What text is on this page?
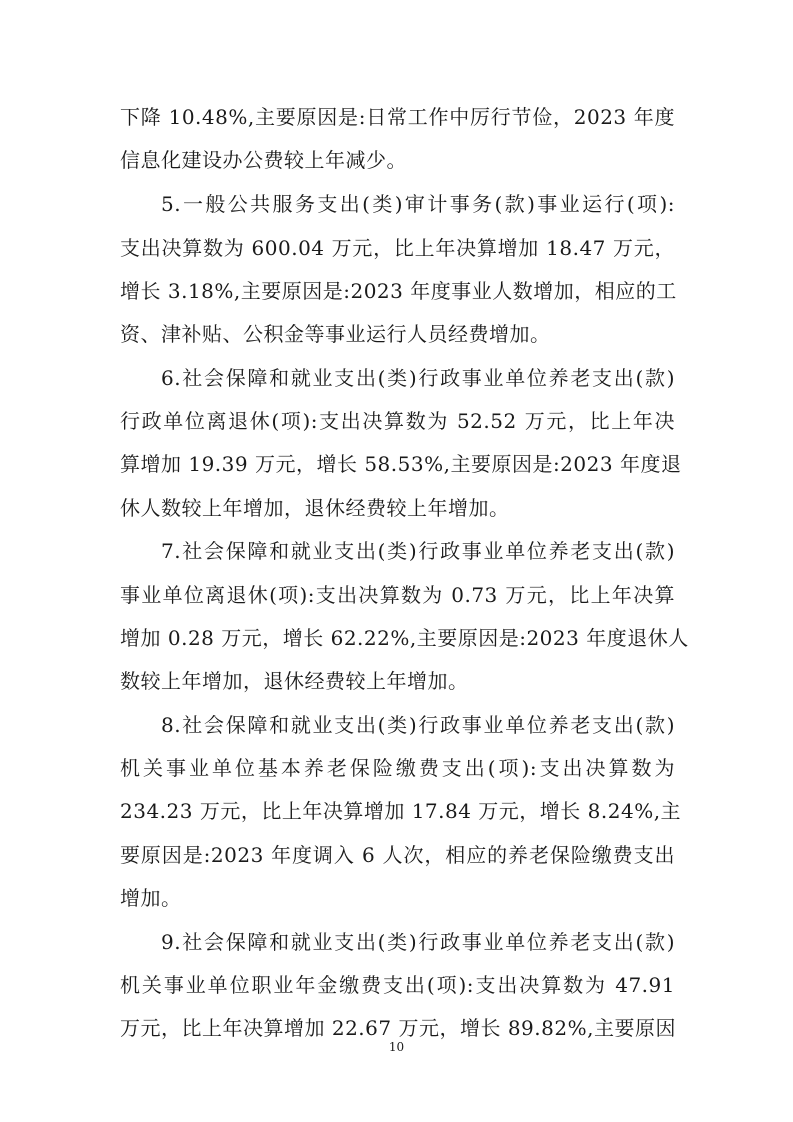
下降 10.48%,主要原因是:日常工作中厉行节俭，2023 年度
信息化建设办公费较上年减少。
5.一般公共服务支出(类)审计事务(款)事业运行(项):
支出决算数为 600.04 万元，比上年决算增加 18.47 万元，
增长 3.18%,主要原因是:2023 年度事业人数增加，相应的工
资、津补贴、公积金等事业运行人员经费增加。
6.社会保障和就业支出(类)行政事业单位养老支出(款)
行政单位离退休(项):支出决算数为 52.52 万元，比上年决
算增加 19.39 万元，增长 58.53%,主要原因是:2023 年度退
休人数较上年增加，退休经费较上年增加。
7.社会保障和就业支出(类)行政事业单位养老支出(款)
事业单位离退休(项):支出决算数为 0.73 万元，比上年决算
增加 0.28 万元，增长 62.22%,主要原因是:2023 年度退休人
数较上年增加，退休经费较上年增加。
8.社会保障和就业支出(类)行政事业单位养老支出(款)
机关事业单位基本养老保险缴费支出(项):支出决算数为
234.23 万元，比上年决算增加 17.84 万元，增长 8.24%,主
要原因是:2023 年度调入 6 人次，相应的养老保险缴费支出
增加。
9.社会保障和就业支出(类)行政事业单位养老支出(款)
机关事业单位职业年金缴费支出(项):支出决算数为 47.91
万元，比上年决算增加 22.67 万元，增长 89.82%,主要原因
10
